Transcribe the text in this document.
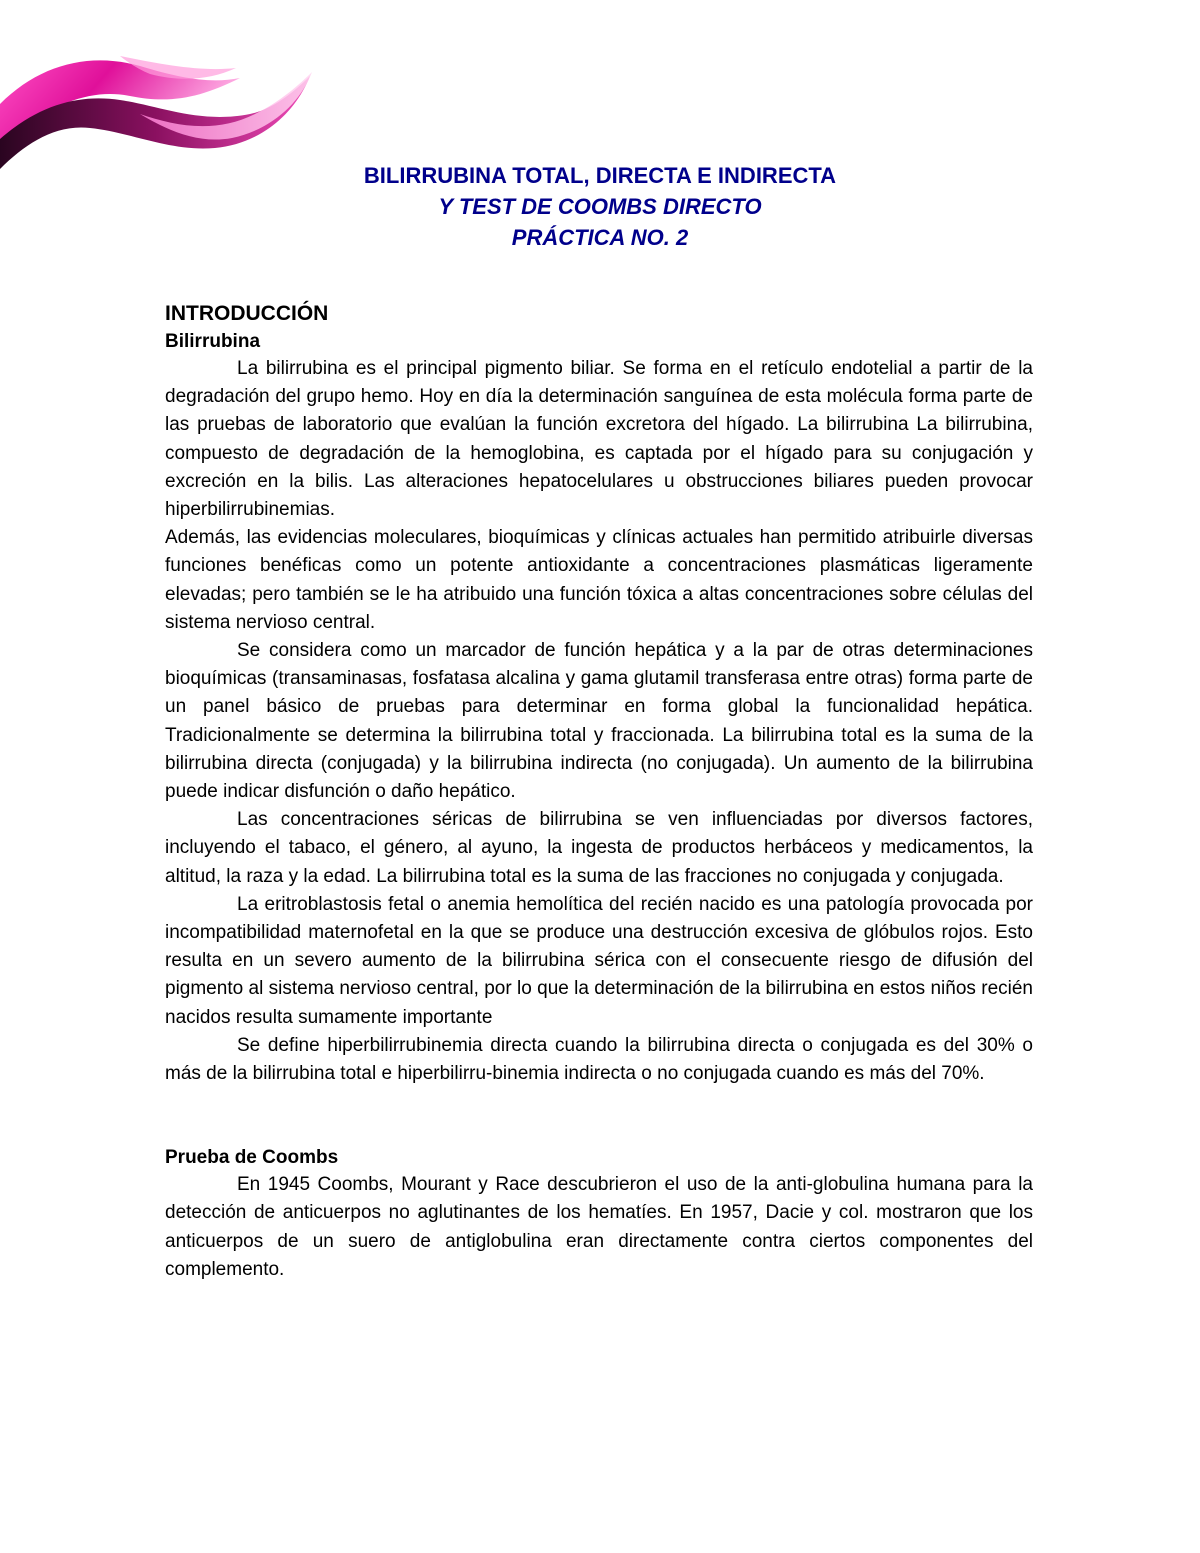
BILIRRUBINA TOTAL, DIRECTA E INDIRECTA
Y TEST DE COOMBS DIRECTO
PRÁCTICA NO. 2
INTRODUCCIÓN
Bilirrubina

La bilirrubina es el principal pigmento biliar. Se forma en el retículo endotelial a partir de la degradación del grupo hemo. Hoy en día la determinación sanguínea de esta molécula forma parte de las pruebas de laboratorio que evalúan la función excretora del hígado. La bilirrubina La bilirrubina, compuesto de degradación de la hemoglobina, es captada por el hígado para su conjugación y excreción en la bilis. Las alteraciones hepatocelulares u obstrucciones biliares pueden provocar hiperbilirrubinemias.

Además, las evidencias moleculares, bioquímicas y clínicas actuales han permitido atribuirle diversas funciones benéficas como un potente antioxidante a concentraciones plasmáticas ligeramente elevadas; pero también se le ha atribuido una función tóxica a altas concentraciones sobre células del sistema nervioso central.

Se considera como un marcador de función hepática y a la par de otras determinaciones bioquímicas (transaminasas, fosfatasa alcalina y gama glutamil transferasa entre otras) forma parte de un panel básico de pruebas para determinar en forma global la funcionalidad hepática. Tradicionalmente se determina la bilirrubina total y fraccionada. La bilirrubina total es la suma de la bilirrubina directa (conjugada) y la bilirrubina indirecta (no conjugada). Un aumento de la bilirrubina puede indicar disfunción o daño hepático.

Las concentraciones séricas de bilirrubina se ven influenciadas por diversos factores, incluyendo el tabaco, el género, al ayuno, la ingesta de productos herbáceos y medicamentos, la altitud, la raza y la edad. La bilirrubina total es la suma de las fracciones no conjugada y conjugada.

La eritroblastosis fetal o anemia hemolítica del recién nacido es una patología provocada por incompatibilidad maternofetal en la que se produce una destrucción excesiva de glóbulos rojos. Esto resulta en un severo aumento de la bilirrubina sérica con el consecuente riesgo de difusión del pigmento al sistema nervioso central, por lo que la determinación de la bilirrubina en estos niños recién nacidos resulta sumamente importante

Se define hiperbilirrubinemia directa cuando la bilirrubina directa o conjugada es del 30% o más de la bilirrubina total e hiperbilirru-binemia indirecta o no conjugada cuando es más del 70%.

Prueba de Coombs

En 1945 Coombs, Mourant y Race descubrieron el uso de la anti-globulina humana para la detección de anticuerpos no aglutinantes de los hematíes. En 1957, Dacie y col. mostraron que los anticuerpos de un suero de antiglobulina eran directamente contra ciertos componentes del complemento.
